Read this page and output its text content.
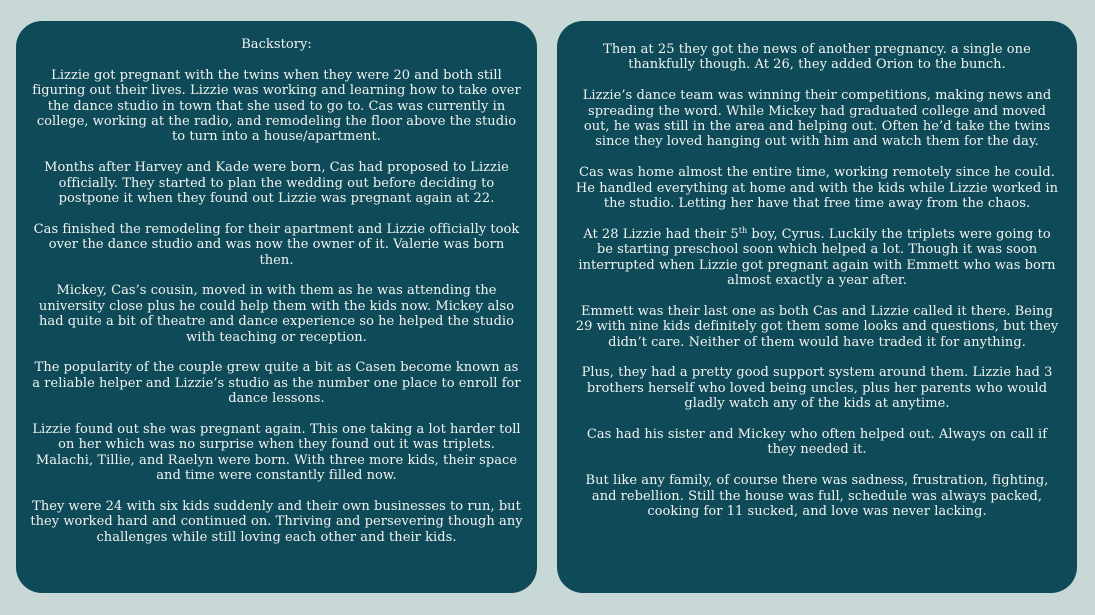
Backstory:

Lizzie got pregnant with the twins when they were 20 and both still figuring out their lives. Lizzie was working and learning how to take over the dance studio in town that she used to go to. Cas was currently in college, working at the radio, and remodeling the floor above the studio to turn into a house/apartment.

Months after Harvey and Kade were born, Cas had proposed to Lizzie officially. They started to plan the wedding out before deciding to postpone it when they found out Lizzie was pregnant again at 22.

Cas finished the remodeling for their apartment and Lizzie officially took over the dance studio and was now the owner of it. Valerie was born then.

Mickey, Cas’s cousin, moved in with them as he was attending the university close plus he could help them with the kids now. Mickey also had quite a bit of theatre and dance experience so he helped the studio with teaching or reception.

The popularity of the couple grew quite a bit as Casen become known as a reliable helper and Lizzie’s studio as the number one place to enroll for dance lessons.

Lizzie found out she was pregnant again. This one taking a lot harder toll on her which was no surprise when they found out it was triplets. Malachi, Tillie, and Raelyn were born. With three more kids, their space and time were constantly filled now.

They were 24 with six kids suddenly and their own businesses to run, but they worked hard and continued on. Thriving and persevering though any challenges while still loving each other and their kids.

Then at 25 they got the news of another pregnancy. a single one thankfully though. At 26, they added Orion to the bunch.

Lizzie’s dance team was winning their competitions, making news and spreading the word. While Mickey had graduated college and moved out, he was still in the area and helping out. Often he’d take the twins since they loved hanging out with him and watch them for the day.

Cas was home almost the entire time, working remotely since he could. He handled everything at home and with the kids while Lizzie worked in the studio. Letting her have that free time away from the chaos.

At 28 Lizzie had their 5th boy, Cyrus. Luckily the triplets were going to be starting preschool soon which helped a lot. Though it was soon interrupted when Lizzie got pregnant again with Emmett who was born almost exactly a year after.

Emmett was their last one as both Cas and Lizzie called it there. Being 29 with nine kids definitely got them some looks and questions, but they didn’t care. Neither of them would have traded it for anything.

Plus, they had a pretty good support system around them. Lizzie had 3 brothers herself who loved being uncles, plus her parents who would gladly watch any of the kids at anytime.

Cas had his sister and Mickey who often helped out. Always on call if they needed it.

But like any family, of course there was sadness, frustration, fighting, and rebellion. Still the house was full, schedule was always packed, cooking for 11 sucked, and love was never lacking.
